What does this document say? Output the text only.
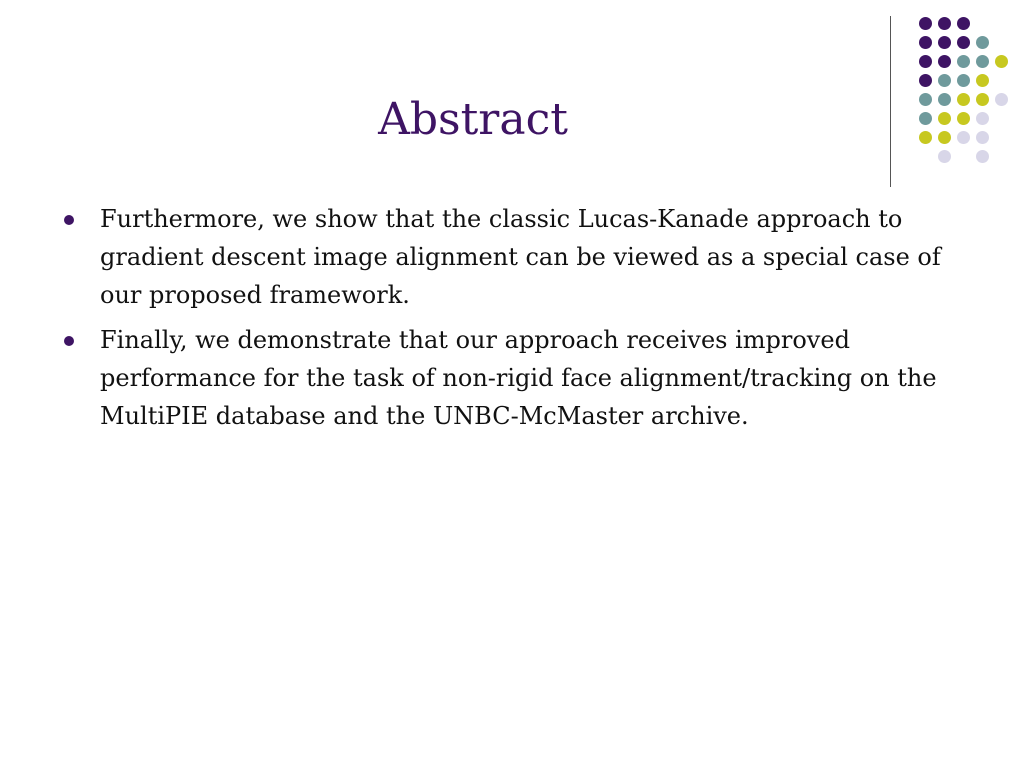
Abstract
Furthermore, we show that the classic Lucas-Kanade approach to gradient descent image alignment can be viewed as a special case of our proposed framework.
Finally, we demonstrate that our approach receives improved performance for the task of non-rigid face alignment/tracking on the MultiPIE database and the UNBC-McMaster archive.
